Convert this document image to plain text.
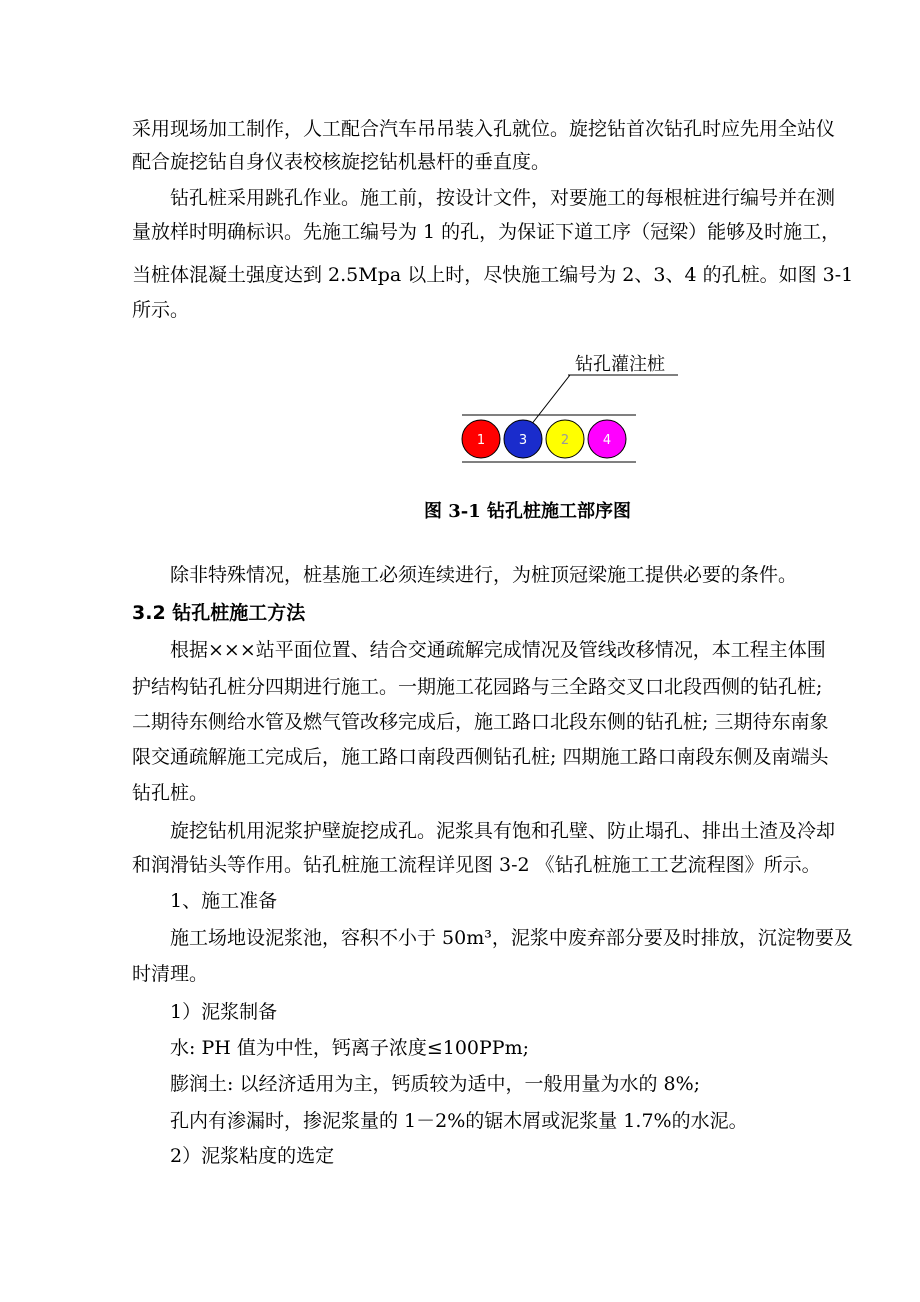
采用现场加工制作，人工配合汽车吊吊装入孔就位。旋挖钻首次钻孔时应先用全站仪
配合旋挖钻自身仪表校核旋挖钻机悬杆的垂直度。
钻孔桩采用跳孔作业。施工前，按设计文件，对要施工的每根桩进行编号并在测
量放样时明确标识。先施工编号为 1 的孔，为保证下道工序（冠梁）能够及时施工，
当桩体混凝土强度达到 2.5Mpa 以上时，尽快施工编号为 2、3、4 的孔桩。如图 3-1
所示。
钻孔灌注桩
1	3	2	4
图 3-1 钻孔桩施工部序图
除非特殊情况，桩基施工必须连续进行，为桩顶冠梁施工提供必要的条件。
3.2 钻孔桩施工方法
根据×××站平面位置、结合交通疏解完成情况及管线改移情况，本工程主体围
护结构钻孔桩分四期进行施工。一期施工花园路与三全路交叉口北段西侧的钻孔桩;
二期待东侧给水管及燃气管改移完成后，施工路口北段东侧的钻孔桩; 三期待东南象
限交通疏解施工完成后，施工路口南段西侧钻孔桩; 四期施工路口南段东侧及南端头
钻孔桩。
旋挖钻机用泥浆护壁旋挖成孔。泥浆具有饱和孔壁、防止塌孔、排出土渣及冷却
和润滑钻头等作用。钻孔桩施工流程详见图 3-2 《钻孔桩施工工艺流程图》所示。
1、施工准备
施工场地设泥浆池，容积不小于 50m³，泥浆中废弃部分要及时排放，沉淀物要及
时清理。
1）泥浆制备
水: PH 值为中性，钙离子浓度≤100PPm;
膨润土: 以经济适用为主，钙质较为适中，一般用量为水的 8%;
孔内有渗漏时，掺泥浆量的 1－2%的锯木屑或泥浆量 1.7%的水泥。
2）泥浆粘度的选定
